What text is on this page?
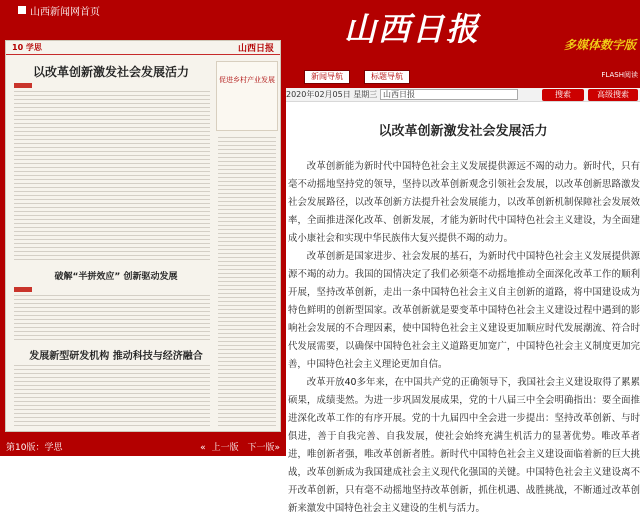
山西新闻网首页
10 学思	山西日报
以改革创新激发社会发展活力
促进乡村产业发展
破解“半拼效应” 创新驱动发展
发展新型研发机构 推动科技与经济融合
第10版：学思	« 上一版 下一版»
山西日报	多媒体数字版
新闻导航	标题导航	FLASH阅读
2020年02月05日 星期三 山西日报	搜索	高级搜索
以改革创新激发社会发展活力

改革创新能为新时代中国特色社会主义发展提供源远不竭的动力。新时代，只有毫不动摇地坚持党的领导，坚持以改革创新观念引领社会发展，以改革创新思路激发社会发展路径，以改革创新方法提升社会发展能力，以改革创新机制保障社会发展效率，全面推进深化改革、创新发展，才能为新时代中国特色社会主义建设，为全面建成小康社会和实现中华民族伟大复兴提供不竭的动力。

改革创新是国家进步、社会发展的基石，为新时代中国特色社会主义发展提供源源不竭的动力。我国的国情决定了我们必须毫不动摇地推动全面深化改革工作的顺利开展，坚持改革创新，走出一条中国特色社会主义自主创新的道路，将中国建设成为特色鲜明的创新型国家。改革创新就是要变革中国特色社会主义建设过程中遇到的影响社会发展的不合理因素，使中国特色社会主义建设更加顺应时代发展潮流、符合时代发展需要，以确保中国特色社会主义道路更加宽广，中国特色社会主义制度更加完善，中国特色社会主义理论更加自信。

改革开放40多年来，在中国共产党的正确领导下，我国社会主义建设取得了累累硕果，成绩斐然。为进一步巩固发展成果，党的十八届三中全会明确指出：要全面推进深化改革工作的有序开展。党的十九届四中全会进一步提出：坚持改革创新、与时俱进，善于自我完善、自我发展，使社会始终充满生机活力的显著优势。唯改革者进，唯创新者强，唯改革创新者胜。新时代中国特色社会主义建设面临着新的巨大挑战，改革创新成为我国建成社会主义现代化强国的关键。中国特色社会主义建设离不开改革创新，只有毫不动摇地坚持改革创新，抓住机遇、战胜挑战，不断通过改革创新来激发中国特色社会主义建设的生机与活力。
